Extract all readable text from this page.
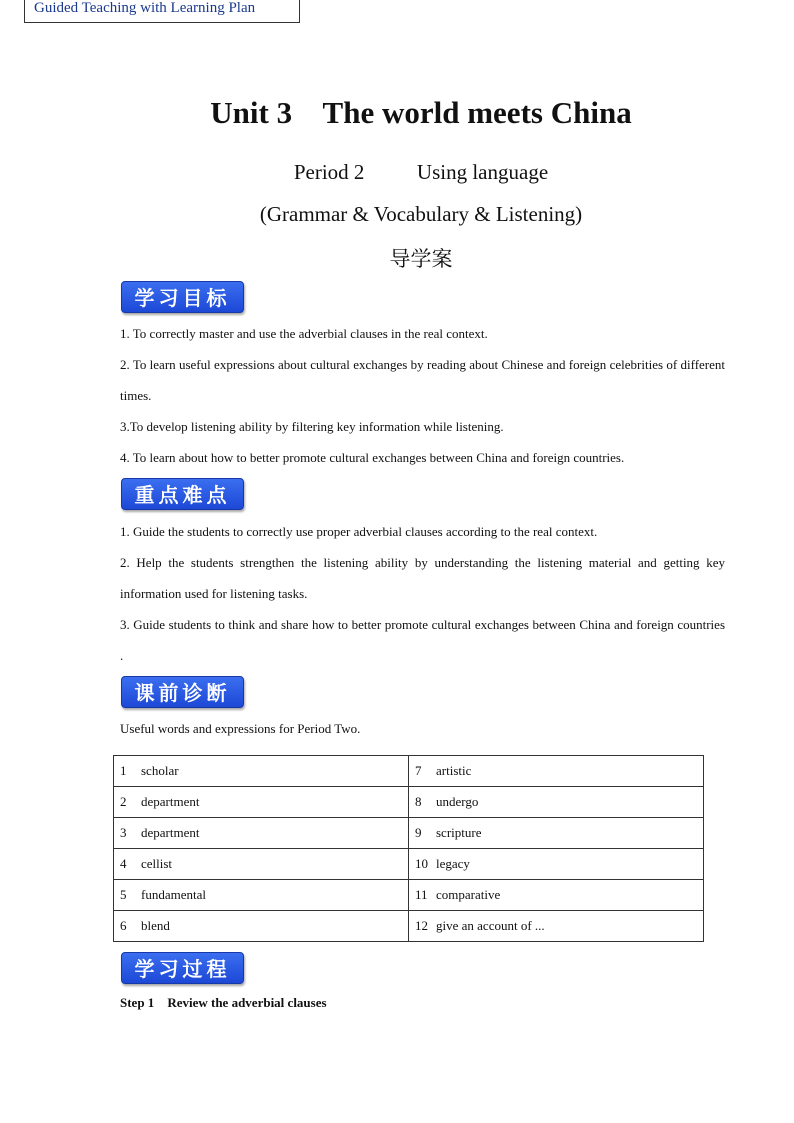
Guided Teaching with Learning Plan
Unit 3    The world meets China
Period 2          Using language
(Grammar & Vocabulary & Listening)
导学案
学习目标

1. To correctly master and use the adverbial clauses in the real context.

2. To learn useful expressions about cultural exchanges by reading about Chinese and foreign celebrities of different times.

3.To develop listening ability by filtering key information while listening.

4. To learn about how to better promote cultural exchanges between China and foreign countries.

重点难点

1. Guide the students to correctly use proper adverbial clauses according to the real context.

2. Help the students strengthen the listening ability by understanding the listening material and getting key information used for listening tasks.

3. Guide students to think and share how to better promote cultural exchanges between China and foreign countries .

课前诊断

Useful words and expressions for Period Two.

1 scholar	7 artistic
2 department	8 undergo
3 department	9 scripture
4 cellist	10 legacy
5 fundamental	11 comparative
6 blend	12 give an account of ...
学习过程
Step 1 Review the adverbial clauses
